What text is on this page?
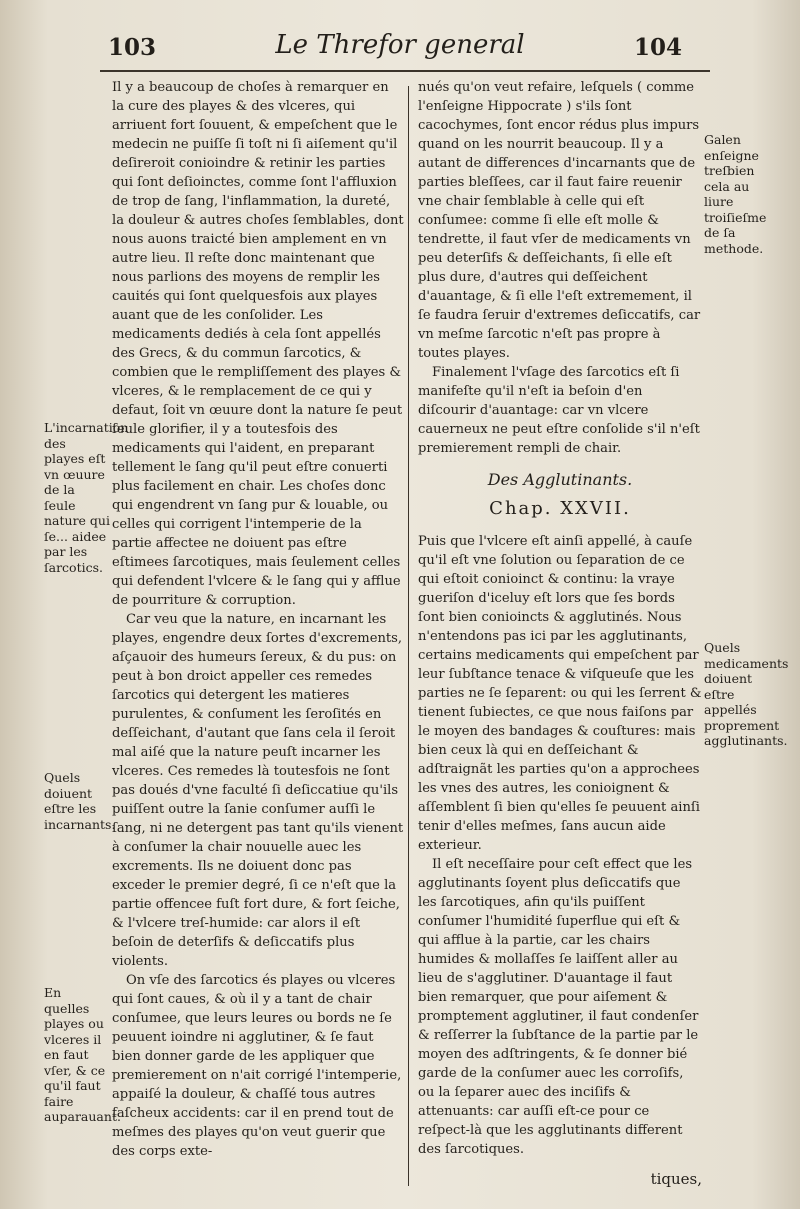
103	Le Threfor general	104

Il y a beaucoup de choſes à remarquer en la cure des playes & des vlceres, qui arriuent fort ſouuent, & empeſchent que le medecin ne puiſſe ſi toſt ni ſi aiſement qu'il deſireroit conioindre & retinir les parties qui ſont deſioinctes, comme ſont l'affluxion de trop de ſang, l'inflammation, la dureté, la douleur & autres choſes ſemblables, dont nous auons traicté bien amplement en vn autre lieu. Il reſte donc maintenant que nous parlions des moyens de remplir les cauités qui ſont quelquesfois aux playes auant que de les conſolider. Les medicaments dediés à cela ſont appellés des Grecs, & du commun ſarcotics, & combien que le rempliſſement des playes & vlceres, & le remplacement de ce qui y defaut, ſoit vn œuure dont la nature ſe peut ſeule glorifier, il y a toutesfois des medicaments qui l'aident, en preparant tellement le ſang qu'il peut eſtre conuerti plus facilement en chair. Les choſes donc qui engendrent vn ſang pur & louable, ou celles qui corrigent l'intemperie de la partie affectee ne doiuent pas eſtre eſtimees ſarcotiques, mais ſeulement celles qui defendent l'vlcere & le ſang qui y afflue de pourriture & corruption.

Car veu que la nature, en incarnant les playes, engendre deux ſortes d'excrements, aſçauoir des humeurs ſereux, & du pus: on peut à bon droict appeller ces remedes ſarcotics qui detergent les matieres purulentes, & conſument les ſeroſités en deſſeichant, d'autant que ſans cela il ſeroit mal aiſé que la nature peuſt incarner les vlceres. Ces remedes là toutesfois ne ſont pas doués d'vne faculté ſi deſiccatiue qu'ils puiſſent outre la ſanie conſumer auſſi le ſang, ni ne detergent pas tant qu'ils vienent à conſumer la chair nouuelle auec les excrements. Ils ne doiuent donc pas exceder le premier degré, ſi ce n'eſt que la partie offencee fuſt fort dure, & fort ſeiche, & l'vlcere treſ-humide: car alors il eſt beſoin de deterſifs & deſiccatifs plus violents.

On vſe des ſarcotics és playes ou vlceres qui ſont caues, & où il y a tant de chair conſumee, que leurs leures ou bords ne ſe peuuent ioindre ni agglutiner, & ſe faut bien donner garde de les appliquer que premierement on n'ait corrigé l'intemperie, appaiſé la douleur, & chaſſé tous autres faſcheux accidents: car il en prend tout de meſmes des playes qu'on veut guerir que des corps exte-

nués qu'on veut refaire, leſquels ( comme l'enſeigne Hippocrate ) s'ils ſont cacochymes, ſont encor rédus plus impurs quand on les nourrit beaucoup. Il y a autant de differences d'incarnants que de parties bleſſees, car il faut faire reuenir vne chair ſemblable à celle qui eſt conſumee: comme ſi elle eſt molle & tendrette, il faut vſer de medicaments vn peu deterſifs & deſſeichants, ſi elle eſt plus dure, d'autres qui deſſeichent d'auantage, & ſi elle l'eſt extremement, il ſe faudra ſeruir d'extremes deſiccatifs, car vn meſme ſarcotic n'eſt pas propre à toutes playes.

Finalement l'vſage des ſarcotics eſt ſi manifeſte qu'il n'eſt ia beſoin d'en diſcourir d'auantage: car vn vlcere cauerneux ne peut eſtre conſolide s'il n'eſt premierement rempli de chair.

Des Agglutinants.
Chap. XXVII.

Puis que l'vlcere eſt ainſi appellé, à cauſe qu'il eſt vne ſolution ou ſeparation de ce qui eſtoit conioinct & continu: la vraye gueriſon d'iceluy eſt lors que ſes bords ſont bien conioincts & agglutinés. Nous n'entendons pas ici par les agglutinants, certains medicaments qui empeſchent par leur ſubſtance tenace & viſqueuſe que les parties ne ſe ſeparent: ou qui les ſerrent & tienent ſubiectes, ce que nous faiſons par le moyen des bandages & couſtures: mais bien ceux là qui en deſſeichant & adſtraignãt les parties qu'on a approchees les vnes des autres, les conioignent & aſſemblent ſi bien qu'elles ſe peuuent ainſi tenir d'elles meſmes, ſans aucun aide exterieur.

Il eſt neceſſaire pour ceſt effect que les agglutinants ſoyent plus deſiccatifs que les ſarcotiques, afin qu'ils puiſſent conſumer l'humidité ſuperflue qui eſt & qui afflue à la partie, car les chairs humides & mollaſſes ſe laiſſent aller au lieu de s'agglutiner. D'auantage il faut bien remarquer, que pour aiſement & promptement agglutiner, il faut condenſer & reſſerrer la ſubſtance de la partie par le moyen des adſtringents, & ſe donner bié garde de la conſumer auec les corroſifs, ou la ſeparer auec des inciſifs & attenuants: car auſſi eſt-ce pour ce reſpect-là que les agglutinants different des ſarcotiques.

L'incarnation des playes eſt vn œuure de la ſeule nature qui ſe... aidee par les ſarcotics.
Quels doiuent eſtre les incarnants.
En quelles playes ou vlceres il en faut vſer, & ce qu'il faut faire auparauant.
Galen enſeigne treſbien cela au liure troiſieſme de ſa methode.
Quels medicaments doiuent eſtre appellés proprement agglutinants.
tiques,
